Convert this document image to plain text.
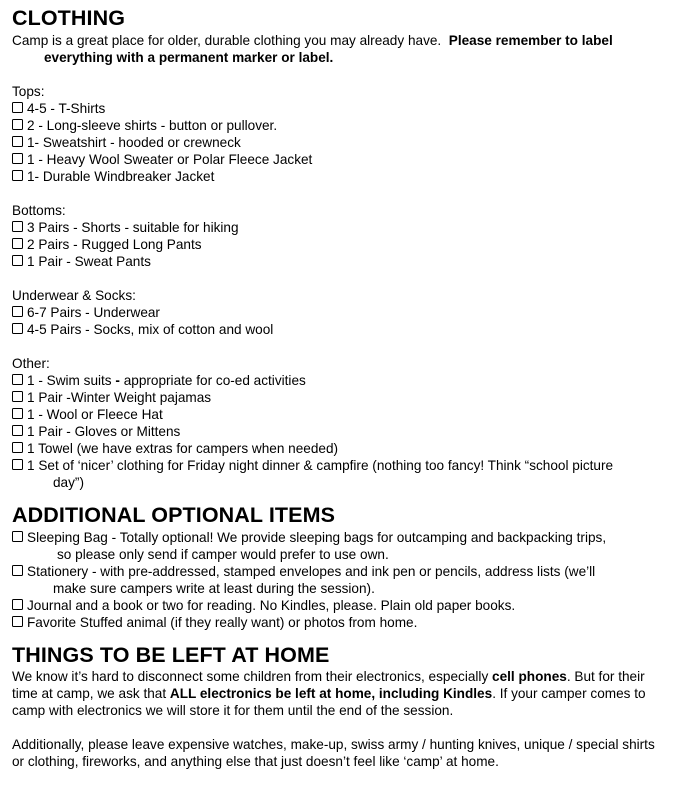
CLOTHING

Camp is a great place for older, durable clothing you may already have. Please remember to label

everything with a permanent marker or label.

Tops:

4-5 - T-Shirts
2 - Long-sleeve shirts - button or pullover.
1- Sweatshirt - hooded or crewneck
1 - Heavy Wool Sweater or Polar Fleece Jacket
1- Durable Windbreaker Jacket

Bottoms:

3 Pairs - Shorts - suitable for hiking
2 Pairs - Rugged Long Pants
1 Pair - Sweat Pants

Underwear & Socks:

6-7 Pairs - Underwear
4-5 Pairs - Socks, mix of cotton and wool

Other:

1 - Swim suits - appropriate for co-ed activities
1 Pair -Winter Weight pajamas
1 - Wool or Fleece Hat
1 Pair - Gloves or Mittens
1 Towel (we have extras for campers when needed)
1 Set of ‘nicer’ clothing for Friday night dinner & campfire (nothing too fancy! Think “school picture
day”)
ADDITIONAL OPTIONAL ITEMS
Sleeping Bag - Totally optional! We provide sleeping bags for outcamping and backpacking trips,
so please only send if camper would prefer to use own.
Stationery - with pre-addressed, stamped envelopes and ink pen or pencils, address lists (we’ll
make sure campers write at least during the session).
Journal and a book or two for reading. No Kindles, please. Plain old paper books.
Favorite Stuffed animal (if they really want) or photos from home.
THINGS TO BE LEFT AT HOME

We know it’s hard to disconnect some children from their electronics, especially cell phones. But for their time at camp, we ask that ALL electronics be left at home, including Kindles. If your camper comes to camp with electronics we will store it for them until the end of the session.

Additionally, please leave expensive watches, make-up, swiss army / hunting knives, unique / special shirts or clothing, fireworks, and anything else that just doesn’t feel like ‘camp’ at home.
